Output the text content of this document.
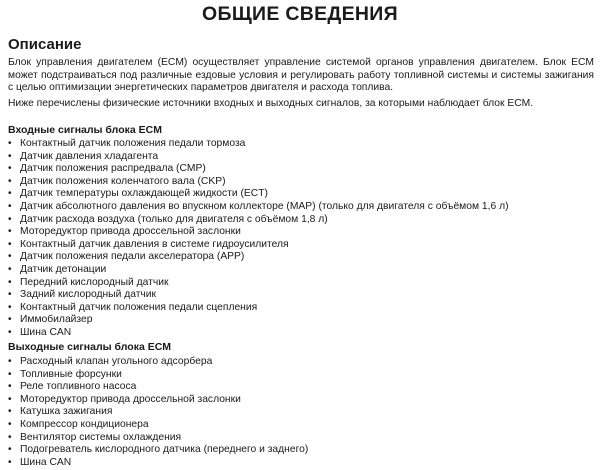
ОБЩИЕ СВЕДЕНИЯ
Описание
Блок управления двигателем (ECM) осуществляет управление системой органов управления двигателем. Блок ECM может подстраиваться под различные ездовые условия и регулировать работу топливной системы и системы зажигания с целью оптимизации энергетических параметров двигателя и расхода топлива.
Ниже перечислены физические источники входных и выходных сигналов, за которыми наблюдает блок ECM.
Входные сигналы блока ECM
• Контактный датчик положения педали тормоза
• Датчик давления хладагента
• Датчик положения распредвала (CMP)
• Датчик положения коленчатого вала (CKP)
• Датчик температуры охлаждающей жидкости (ECT)
• Датчик абсолютного давления во впускном коллекторе (MAP) (только для двигателя с объёмом 1,6 л)
• Датчик расхода воздуха (только для двигателя с объёмом 1,8 л)
• Моторедуктор привода дроссельной заслонки
• Контактный датчик давления в системе гидроусилителя
• Датчик положения педали акселератора (APP)
• Датчик детонации
• Передний кислородный датчик
• Задний кислородный датчик
• Контактный датчик положения педали сцепления
• Иммобилайзер
• Шина CAN
Выходные сигналы блока ECM
• Расходный клапан угольного адсорбера
• Топливные форсунки
• Реле топливного насоса
• Моторедуктор привода дроссельной заслонки
• Катушка зажигания
• Компрессор кондиционера
• Вентилятор системы охлаждения
• Подогреватель кислородного датчика (переднего и заднего)
• Шина CAN
